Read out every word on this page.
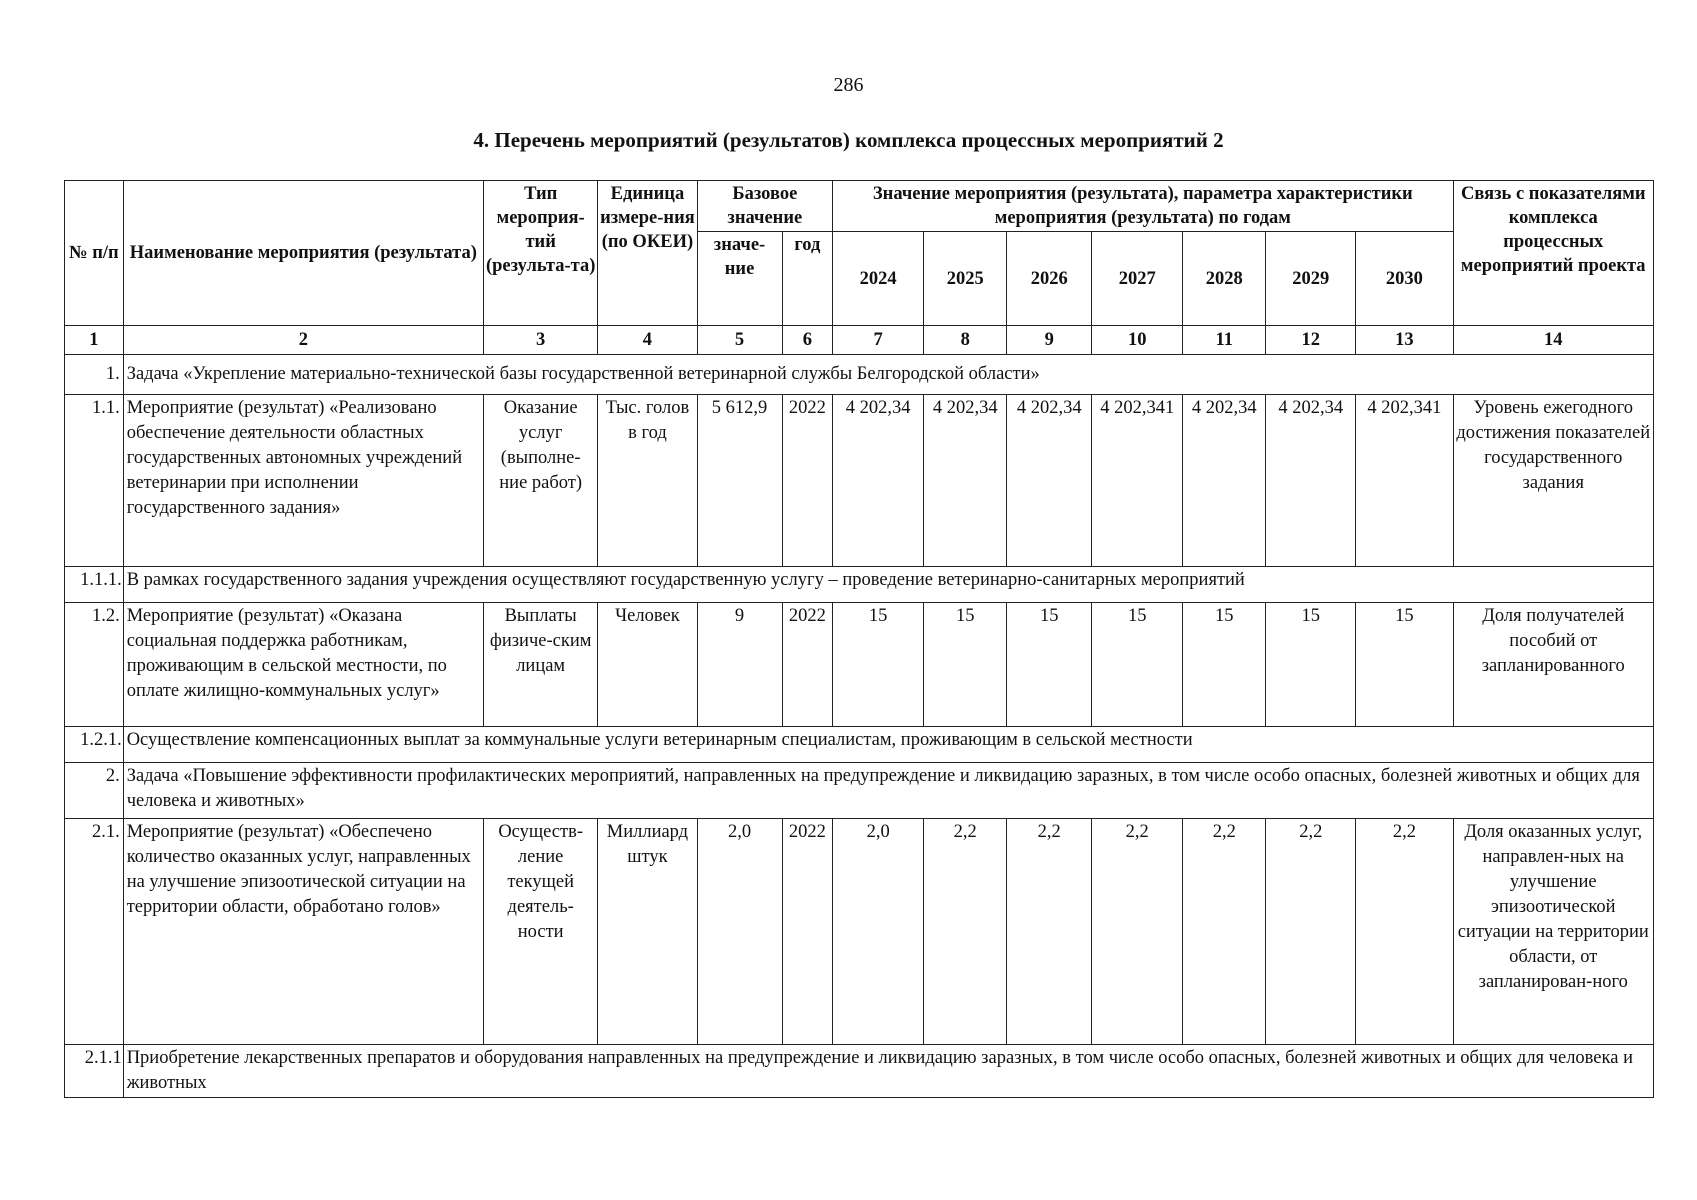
286
4. Перечень мероприятий (результатов) комплекса процессных мероприятий 2
№ п/п	Наименование мероприятия (результата)	Тип мероприя-тий (результа-та)	Единица измере-ния (по ОКЕИ)	Базовое значение		Значение мероприятия (результата), параметра характеристики мероприятия (результата) по годам							Связь с показателями комплекса процессных мероприятий проекта
				значе-ние	год	2024	2025	2026	2027	2028	2029	2030	
1	2	3	4	5	6	7	8	9	10	11	12	13	14
1.	Задача «Укрепление материально-технической базы государственной ветеринарной службы Белгородской области»												
1.1.	Мероприятие (результат) «Реализовано обеспечение деятельности областных государственных автономных учреждений ветеринарии при исполнении государственного задания»	Оказание услуг (выполне-ние работ)	Тыс. голов в год	5 612,9	2022	4 202,34	4 202,34	4 202,34	4 202,341	4 202,34	4 202,34	4 202,341	Уровень ежегодного достижения показателей государственного задания
1.1.1.	В рамках государственного задания учреждения осуществляют государственную услугу – проведение ветеринарно-санитарных мероприятий												
1.2.	Мероприятие (результат) «Оказана социальная поддержка работникам, проживающим в сельской местности, по оплате жилищно-коммунальных услуг»	Выплаты физиче-ским лицам	Человек	9	2022	15	15	15	15	15	15	15	Доля получателей пособий от запланированного
1.2.1.	Осуществление компенсационных выплат за коммунальные услуги ветеринарным специалистам, проживающим в сельской местности												
2.	Задача «Повышение эффективности профилактических мероприятий, направленных на предупреждение и ликвидацию заразных, в том числе особо опасных, болезней животных и общих для человека и животных»												
2.1.	Мероприятие (результат) «Обеспечено количество оказанных услуг, направленных на улучшение эпизоотической ситуации на территории области, обработано голов»	Осуществ-ление текущей деятель-ности	Миллиард штук	2,0	2022	2,0	2,2	2,2	2,2	2,2	2,2	2,2	Доля оказанных услуг, направлен-ных на улучшение эпизоотической ситуации на территории области, от запланирован-ного
2.1.1	Приобретение лекарственных препаратов и оборудования направленных на предупреждение и ликвидацию заразных, в том числе особо опасных, болезней животных и общих для человека и животных												
